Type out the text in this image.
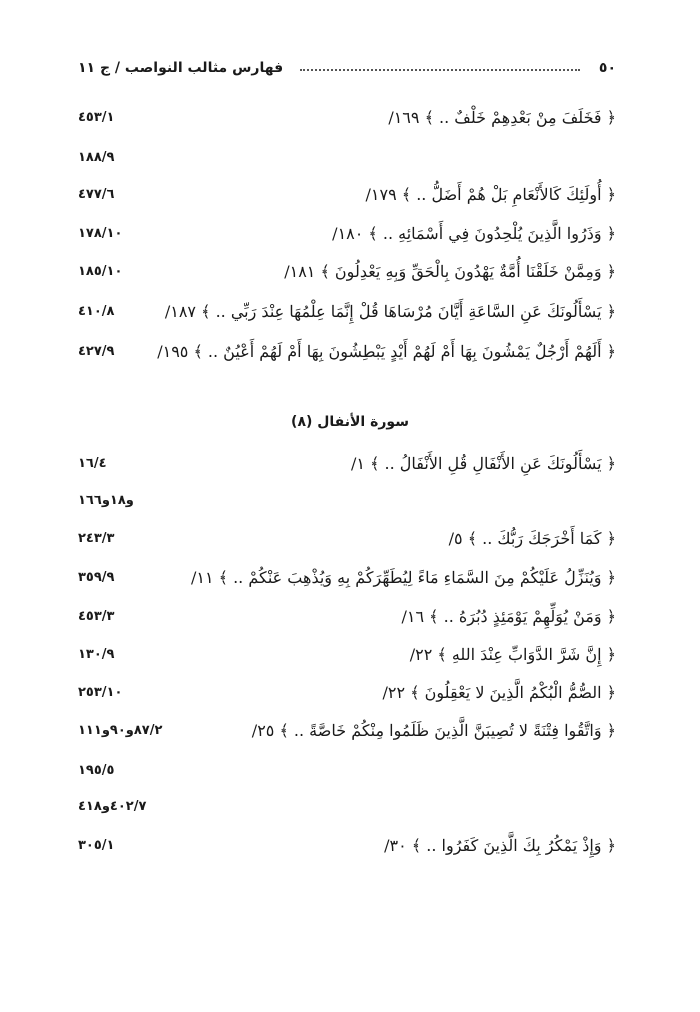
٥٠
فهارس مثالب النواصب / ج ١١
﴿ فَخَلَفَ مِنْ بَعْدِهِمْ خَلْفٌ .. ﴾ ١٦٩/
٤٥٣/١
١٨٨/٩
﴿ أُولَئِكَ كَالأَنْعَامِ بَلْ هُمْ أَضَلُّ .. ﴾ ١٧٩/
٤٧٧/٦
﴿ وَذَرُوا الَّذِينَ يُلْحِدُونَ فِي أَسْمَائِهِ .. ﴾ ١٨٠/
١٧٨/١٠
﴿ وَمِمَّنْ خَلَقْنَا أُمَّةٌ يَهْدُونَ بِالْحَقِّ وَبِهِ يَعْدِلُونَ ﴾ ١٨١/
١٨٥/١٠
﴿ يَسْأَلُونَكَ عَنِ السَّاعَةِ أَيَّانَ مُرْسَاهَا قُلْ إِنَّمَا عِلْمُهَا عِنْدَ رَبِّي .. ﴾ ١٨٧/
٤١٠/٨
﴿ أَلَهُمْ أَرْجُلٌ يَمْشُونَ بِهَا أَمْ لَهُمْ أَيْدٍ يَبْطِشُونَ بِهَا أَمْ لَهُمْ أَعْيُنٌ .. ﴾ ١٩٥/
٤٢٧/٩
سورة الأنفال (٨)
﴿ يَسْأَلُونَكَ عَنِ الأَنْفَالِ قُلِ الأَنْفَالُ .. ﴾ ١/
١٦/٤
و١٨و١٦٦
﴿ كَمَا أَخْرَجَكَ رَبُّكَ .. ﴾ ٥/
٢٤٣/٣
﴿ وَيُنَزِّلُ عَلَيْكُمْ مِنَ السَّمَاءِ مَاءً لِيُطَهِّرَكُمْ بِهِ وَيُذْهِبَ عَنْكُمْ .. ﴾ ١١/
٣٥٩/٩
﴿ وَمَنْ يُوَلِّهِمْ يَوْمَئِذٍ دُبُرَهُ .. ﴾ ١٦/
٤٥٣/٣
﴿ إِنَّ شَرَّ الدَّوَابِّ عِنْدَ اللهِ ﴾ ٢٢/
١٣٠/٩
﴿ الصُّمُّ الْبُكْمُ الَّذِينَ لا يَعْقِلُونَ ﴾ ٢٢/
٢٥٣/١٠
﴿ وَاتَّقُوا فِتْنَةً لا تُصِيبَنَّ الَّذِينَ ظَلَمُوا مِنْكُمْ خَاصَّةً .. ﴾ ٢٥/
٨٧/٢و٩٠و١١١
١٩٥/٥
٤٠٢/٧و٤١٨
﴿ وَإِذْ يَمْكُرُ بِكَ الَّذِينَ كَفَرُوا .. ﴾ ٣٠/
٣٠٥/١
